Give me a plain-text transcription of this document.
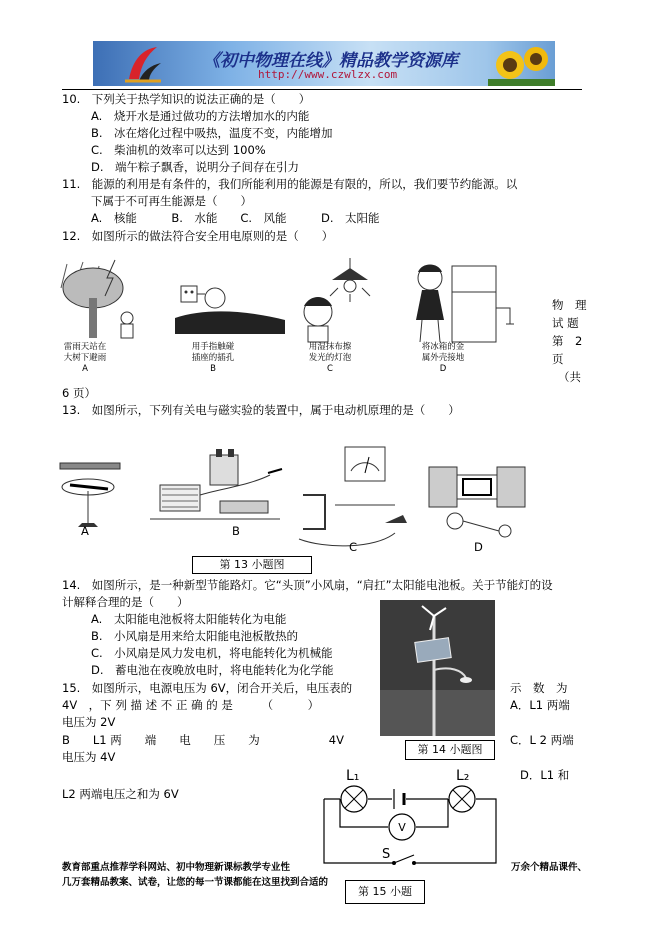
《初中物理在线》精品教学资源库
http://www.czwlzx.com
10.　下列关于热学知识的说法正确的是（　　）
A.　烧开水是通过做功的方法增加水的内能
B.　冰在熔化过程中吸热，温度不变，内能增加
C.　柴油机的效率可以达到 100%
D.　端午粽子飘香，说明分子间存在引力
11.　能源的利用是有条件的，我们所能利用的能源是有限的，所以，我们要节约能源。以
下属于不可再生能源是（　　）
A.　核能　　　B.　水能　　C.　风能　　　D.　太阳能
12.　如图所示的做法符合安全用电原则的是（　　）
雷雨天站在
大树下避雨
A
用手指触碰
插座的插孔
B
用湿抹布擦
发光的灯泡
C
将冰箱的金
属外壳接地
D
物　理
试 题
第　2
页
（共
6 页）
13.　如图所示，下列有关电与磁实验的装置中，属于电动机原理的是（　　）
A	B
C	D
第 13 小题图
14.　如图所示，是一种新型节能路灯。它“头顶”小风扇，“肩扛”太阳能电池板。关于节能灯的设
计解释合理的是（　　）
A.　太阳能电池板将太阳能转化为电能
B.　小风扇是用来给太阳能电池板散热的
C.　小风扇是风力发电机，将电能转化为机械能
D.　蓄电池在夜晚放电时，将电能转化为化学能
第 14 小题图
15.　如图所示，电源电压为 6V，闭合开关后，电压表的	示　数　为
4V　，下 列 描 述 不 正 确 的 是　　　（　　　）	A．L1 两端
电压为 2V
B　　L1 两　　端　　电　　压　　为　　　　　　4V	C．L 2 两端
电压为 4V
D．L1 和
L2 两端电压之和为 6V
V
L₁	L₂
S
第 15 小题
教育部重点推荐学科网站、初中物理新课标教学专业性	万余个精品课件、
几万套精品教案、试卷，让您的每一节课都能在这里找到合适的
